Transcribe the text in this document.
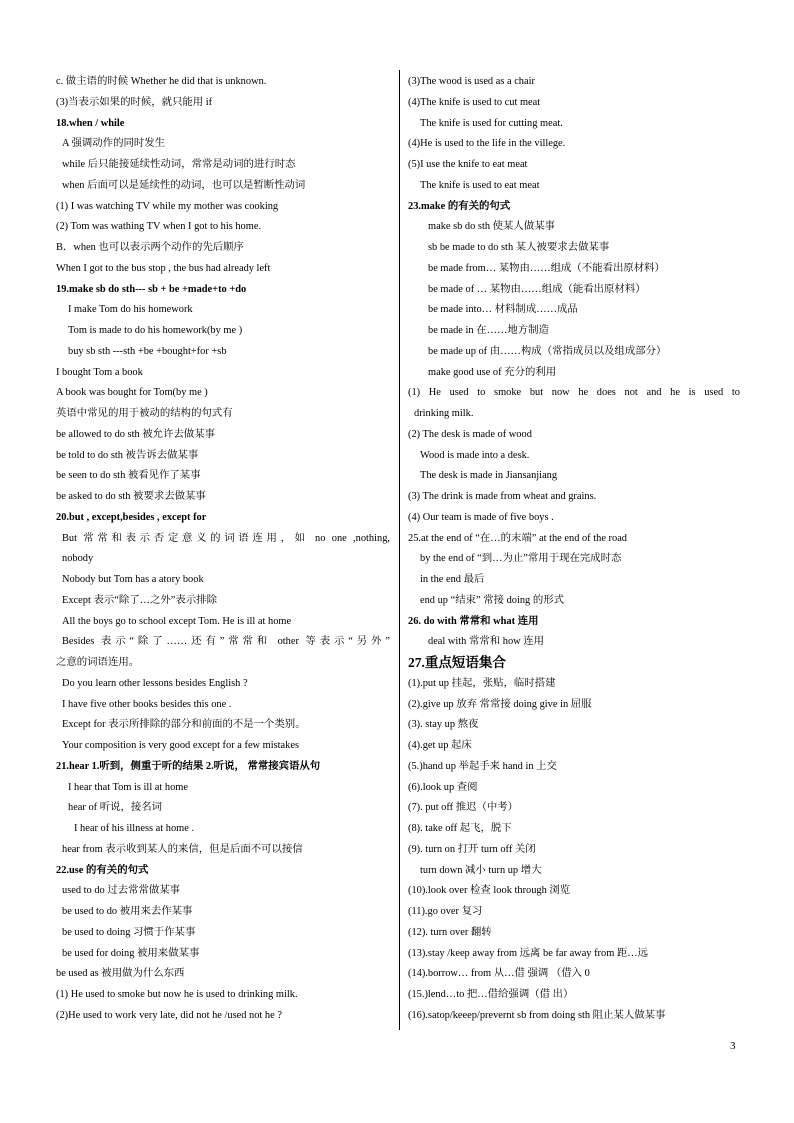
c. 做主语的时候 Whether he did that is unknown.
(3)当表示如果的时候，就只能用 if
18.when / while
A 强调动作的同时发生
while 后只能接延续性动词，常常是动词的进行时态
when 后面可以是延续性的动词，也可以是暂断性动词
(1) I was watching TV while my mother was cooking
(2) Tom was wathing TV when I got to his home.
B．when 也可以表示两个动作的先后顺序
When I got to the bus stop , the bus had already left
19.make sb do sth--- sb + be +made+to +do
I make Tom do his homework
Tom is made to do his homework(by me )
buy sb sth ---sth +be +bought+for +sb
I bought Tom a book
A book was bought for Tom(by me )
英语中常见的用于被动的结构的句式有
be allowed to do sth 被允许去做某事
be told to do sth 被告诉去做某事
be seen to do sth 被看见作了某事
be asked to do sth 被要求去做某事
20.but , except,besides , except for
But 常常和表示否定意义的词语连用，如 no one ,nothing,
nobody
Nobody but Tom has a atory book
Except 表示“除了…之外”表示排除
All the boys go to school except Tom. He is ill at home
Besides 表示“除了……还有”常常和 other 等表示“另外”
之意的词语连用。
Do you learn other lessons besides English ?
I have five other books besides this one .
Except for 表示所排除的部分和前面的不是一个类别。
Your composition is very good except for a few mistakes
21.hear 1.听到，侧重于听的结果 2.听说， 常常接宾语从句
I hear that Tom is ill at home
hear of 听说，接名词
I hear of his illness at home .
hear from 表示收到某人的来信，但是后面不可以接信
22.use 的有关的句式
used to do 过去常常做某事
be used to do 被用来去作某事
be used to doing 习惯于作某事
be used for doing 被用来做某事
be used as 被用做为什么东西
(1) He used to smoke but now he is used to drinking milk.
(2)He used to work very late, did not he /used not he ?
(3)The wood is used as a chair
(4)The knife is used to cut meat
The knife is used for cutting meat.
(4)He is used to the life in the villege.
(5)I use the knife to eat meat
The knife is used to eat meat
23.make 的有关的句式
make sb do sth 使某人做某事
sb be made to do sth 某人被要求去做某事
be made from… 某物由……组成（不能看出原材料）
be made of … 某物由……组成（能看出原材料）
be made into… 材料制成……成品
be made in 在……地方制造
be made up of 由……构成（常指成员以及组成部分）
make good use of 充分的利用
(1) He used to smoke but now he does not and he is used to
drinking milk.
(2) The desk is made of wood
Wood is made into a desk.
The desk is made in Jiansanjiang
(3) The drink is made from wheat and grains.
(4) Our team is made of five boys .
25.at the end of “在…的末端” at the end of the road
by the end of “到…为止”常用于现在完成时态
in the end 最后
end up “结束” 常接 doing 的形式
26. do with 常常和 what 连用
deal with 常常和 how 连用
27.重点短语集合
(1).put up 挂起，张贴，临时搭建
(2).give up 放弃 常常接 doing give in 屈服
(3). stay up 熬夜
(4).get up 起床
(5.)hand up 举起手来 hand in 上交
(6).look up 查阅
(7). put off 推迟（中考）
(8). take off 起飞，脱下
(9). turn on 打开 turn off 关闭
turn down 减小 turn up 增大
(10).look over 检查 look through 浏览
(11).go over 复习
(12). turn over 翻转
(13).stay /keep away from 远离 be far away from 距…远
(14).borrow… from 从…借 强调 （借入 0
(15.)lend…to 把…借给强调（借 出）
(16).satop/keeep/prevernt sb from doing sth 阻止某人做某事
3
